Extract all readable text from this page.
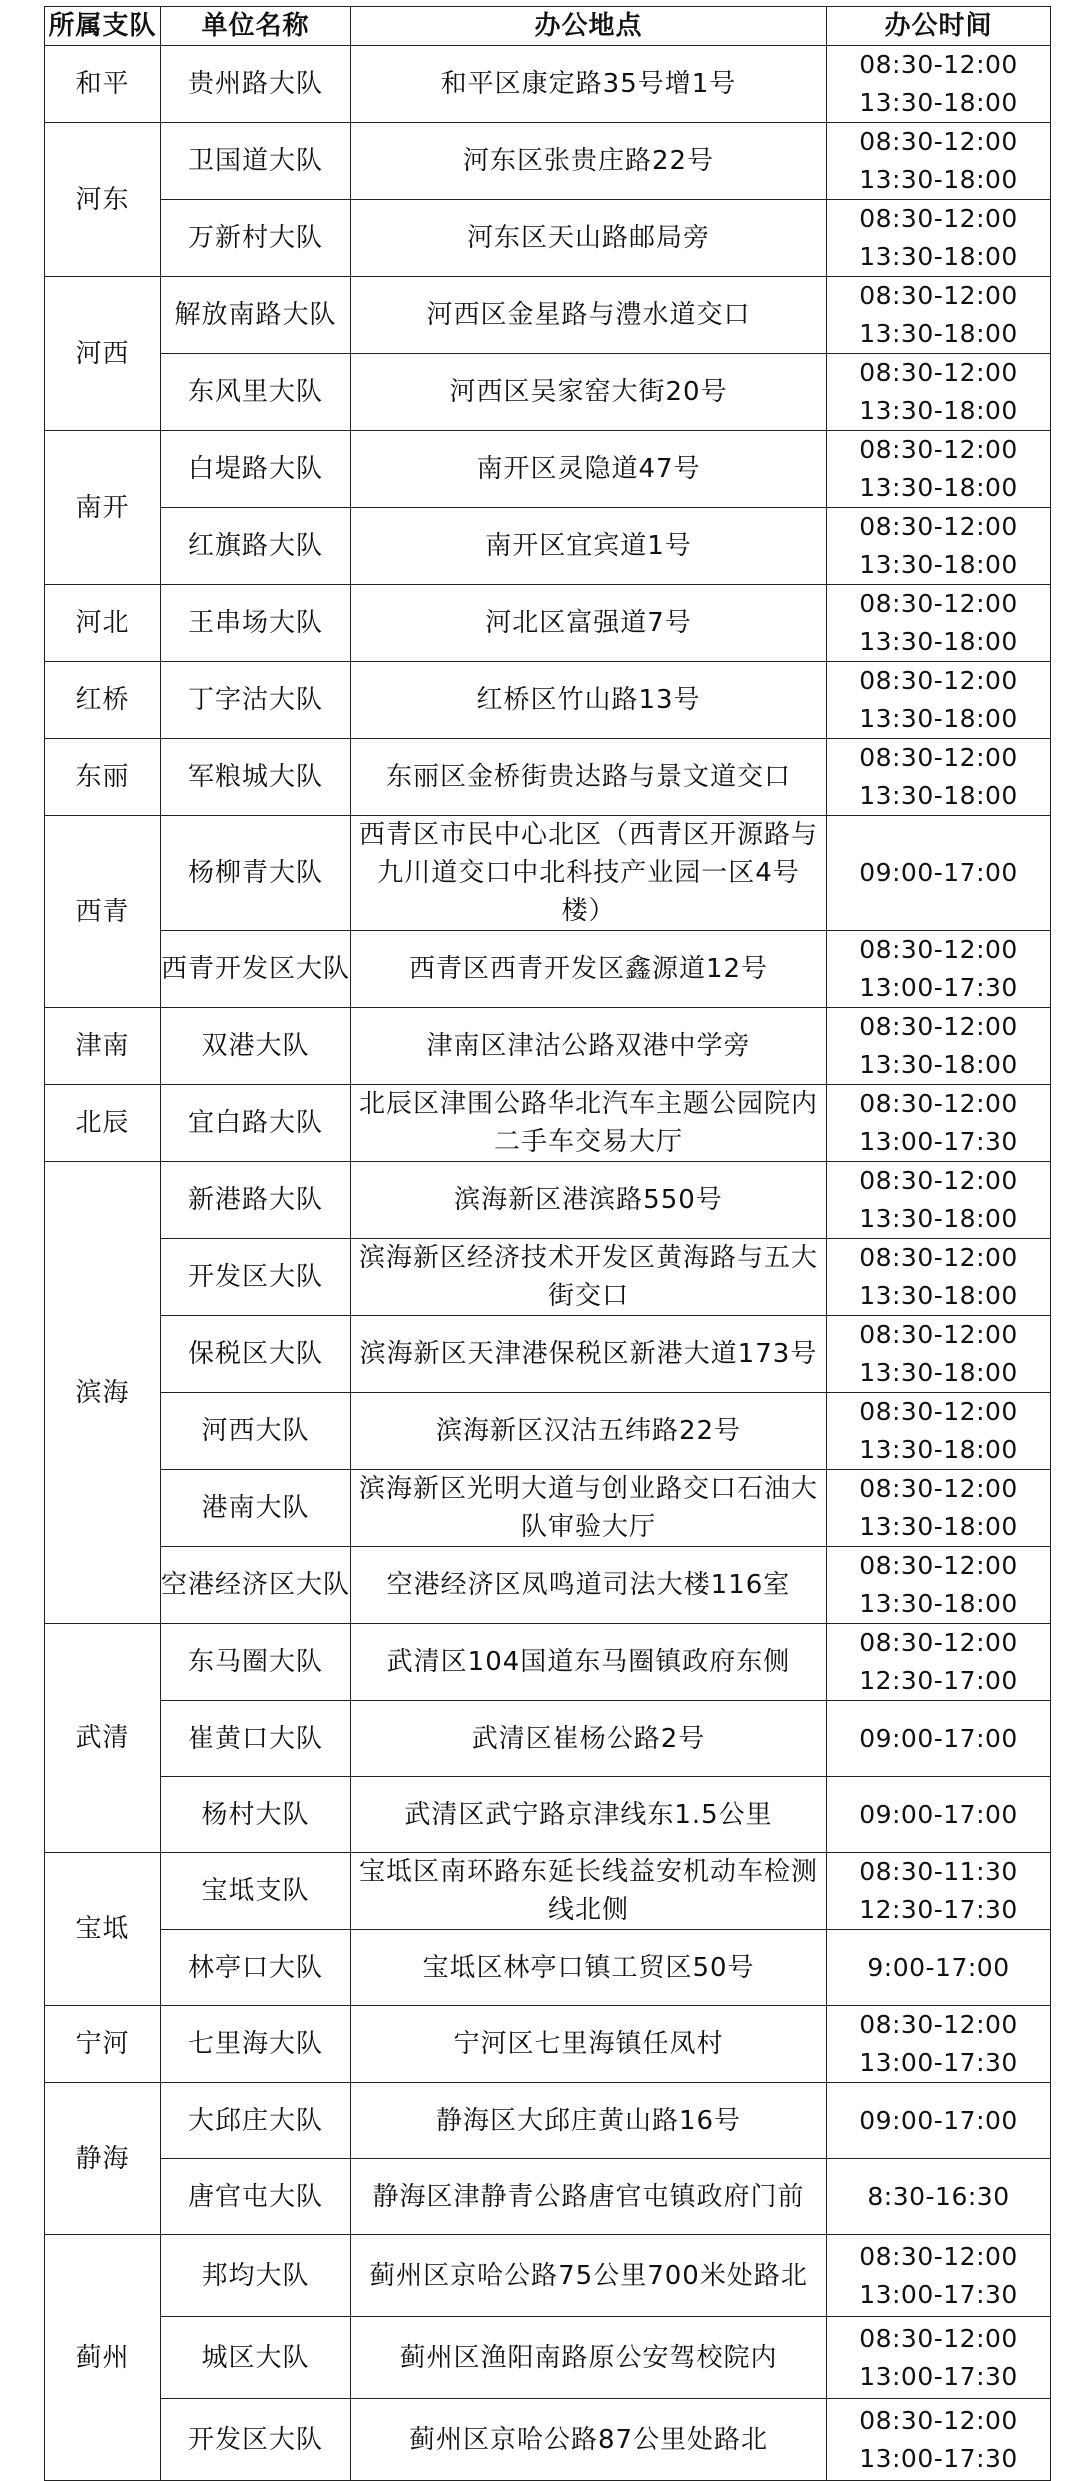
所属支队	单位名称	办公地点	办公时间
和平	贵州路大队	和平区康定路35号增1号	08:30-12:00
13:30-18:00
河东	卫国道大队	河东区张贵庄路22号	08:30-12:00
13:30-18:00
	万新村大队	河东区天山路邮局旁	08:30-12:00
13:30-18:00
河西	解放南路大队	河西区金星路与澧水道交口	08:30-12:00
13:30-18:00
	东风里大队	河西区吴家窑大街20号	08:30-12:00
13:30-18:00
南开	白堤路大队	南开区灵隐道47号	08:30-12:00
13:30-18:00
	红旗路大队	南开区宜宾道1号	08:30-12:00
13:30-18:00
河北	王串场大队	河北区富强道7号	08:30-12:00
13:30-18:00
红桥	丁字沽大队	红桥区竹山路13号	08:30-12:00
13:30-18:00
东丽	军粮城大队	东丽区金桥街贵达路与景文道交口	08:30-12:00
13:30-18:00
西青	杨柳青大队	西青区市民中心北区（西青区开源路与九川道交口中北科技产业园一区4号楼）	09:00-17:00
	西青开发区大队	西青区西青开发区鑫源道12号	08:30-12:00
13:00-17:30
津南	双港大队	津南区津沽公路双港中学旁	08:30-12:00
13:30-18:00
北辰	宜白路大队	北辰区津围公路华北汽车主题公园院内二手车交易大厅	08:30-12:00
13:00-17:30
滨海	新港路大队	滨海新区港滨路550号	08:30-12:00
13:30-18:00
	开发区大队	滨海新区经济技术开发区黄海路与五大街交口	08:30-12:00
13:30-18:00
	保税区大队	滨海新区天津港保税区新港大道173号	08:30-12:00
13:30-18:00
	河西大队	滨海新区汉沽五纬路22号	08:30-12:00
13:30-18:00
	港南大队	滨海新区光明大道与创业路交口石油大队审验大厅	08:30-12:00
13:30-18:00
	空港经济区大队	空港经济区凤鸣道司法大楼116室	08:30-12:00
13:30-18:00
武清	东马圈大队	武清区104国道东马圈镇政府东侧	08:30-12:00
12:30-17:00
	崔黄口大队	武清区崔杨公路2号	09:00-17:00
	杨村大队	武清区武宁路京津线东1.5公里	09:00-17:00
宝坻	宝坻支队	宝坻区南环路东延长线益安机动车检测线北侧	08:30-11:30
12:30-17:30
	林亭口大队	宝坻区林亭口镇工贸区50号	9:00-17:00
宁河	七里海大队	宁河区七里海镇任凤村	08:30-12:00
13:00-17:30
静海	大邱庄大队	静海区大邱庄黄山路16号	09:00-17:00
	唐官屯大队	静海区津静青公路唐官屯镇政府门前	8:30-16:30
蓟州	邦均大队	蓟州区京哈公路75公里700米处路北	08:30-12:00
13:00-17:30
	城区大队	蓟州区渔阳南路原公安驾校院内	08:30-12:00
13:00-17:30
	开发区大队	蓟州区京哈公路87公里处路北	08:30-12:00
13:00-17:30
